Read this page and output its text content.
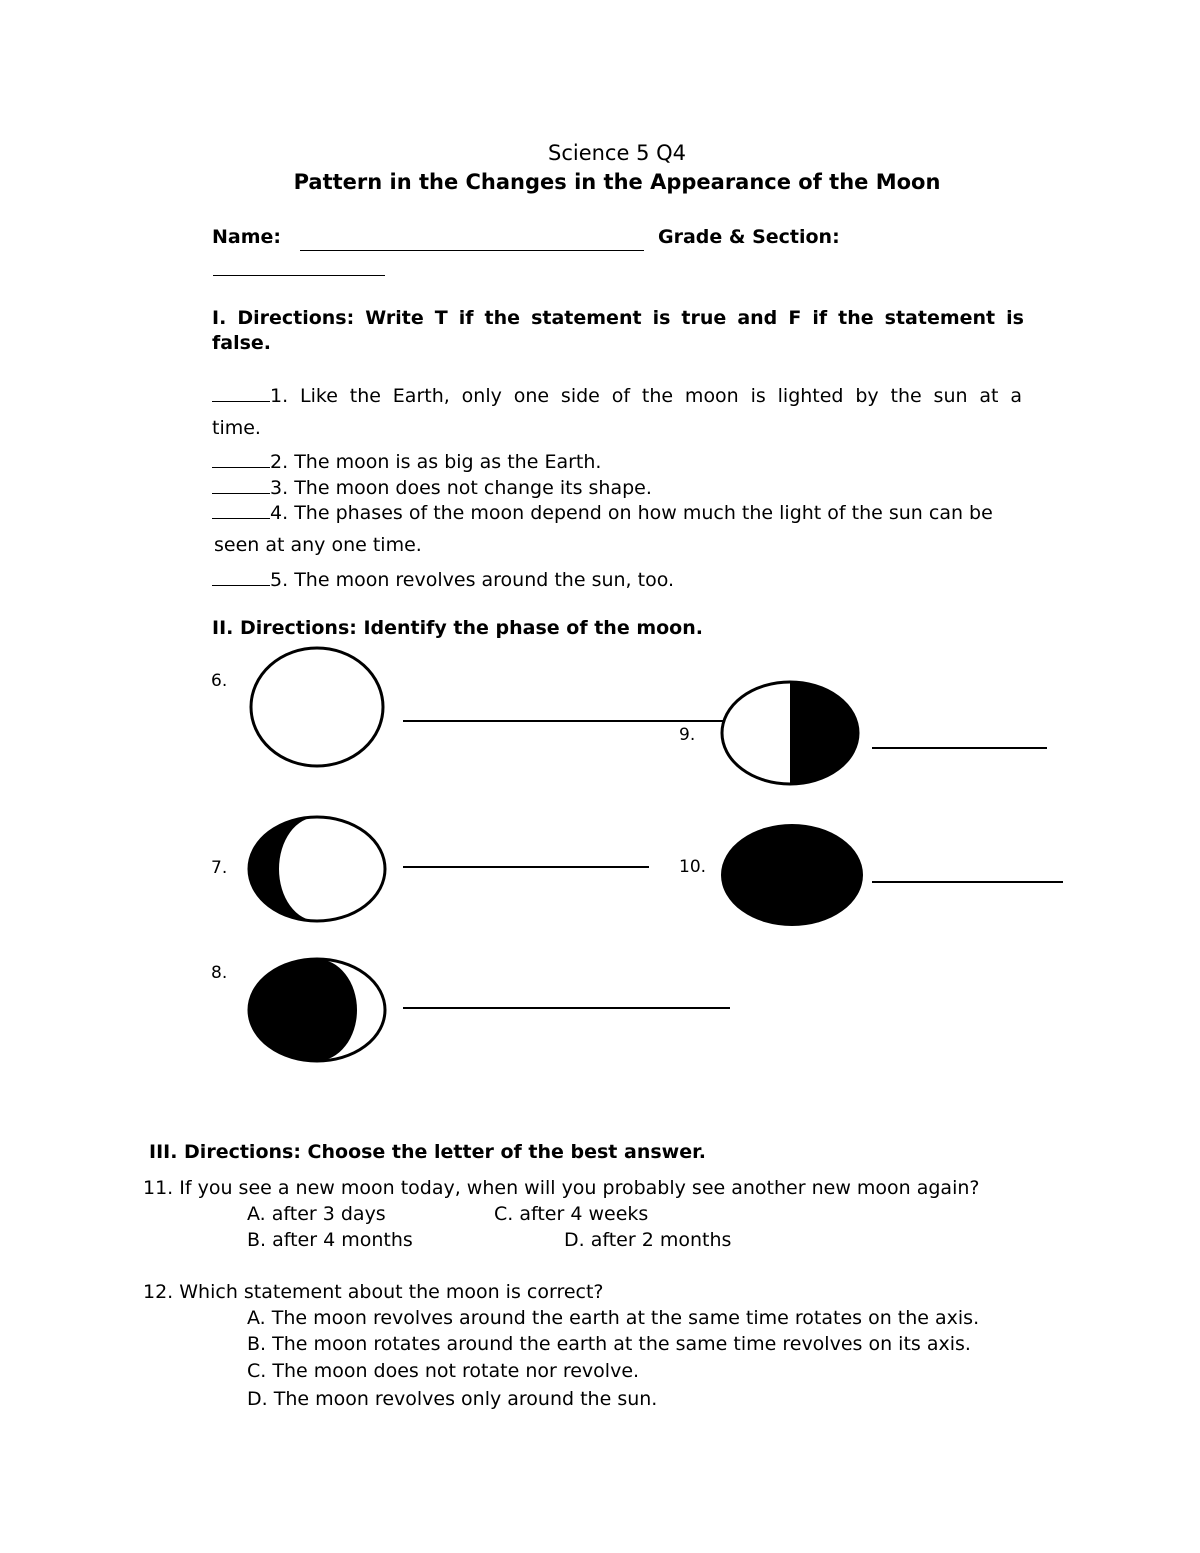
Science 5 Q4
Pattern in the Changes in the Appearance of the Moon
Name:	Grade & Section:
I. Directions: Write T if the statement is true and F if the statement is
false.
1. Like the Earth, only one side of the moon is lighted by the sun at a
time.
2. The moon is as big as the Earth.
3. The moon does not change its shape.
4. The phases of the moon depend on how much the light of the sun can be
seen at any one time.
5. The moon revolves around the sun, too.
II. Directions: Identify the phase of the moon.
6.
7.
8.
9.
10.
III. Directions: Choose the letter of the best answer.
11. If you see a new moon today, when will you probably see another new moon again?
A. after 3 days	C. after 4 weeks
B. after 4 months	D. after 2 months
12. Which statement about the moon is correct?
A. The moon revolves around the earth at the same time rotates on the axis.
B. The moon rotates around the earth at the same time revolves on its axis.
C. The moon does not rotate nor revolve.
D. The moon revolves only around the sun.
